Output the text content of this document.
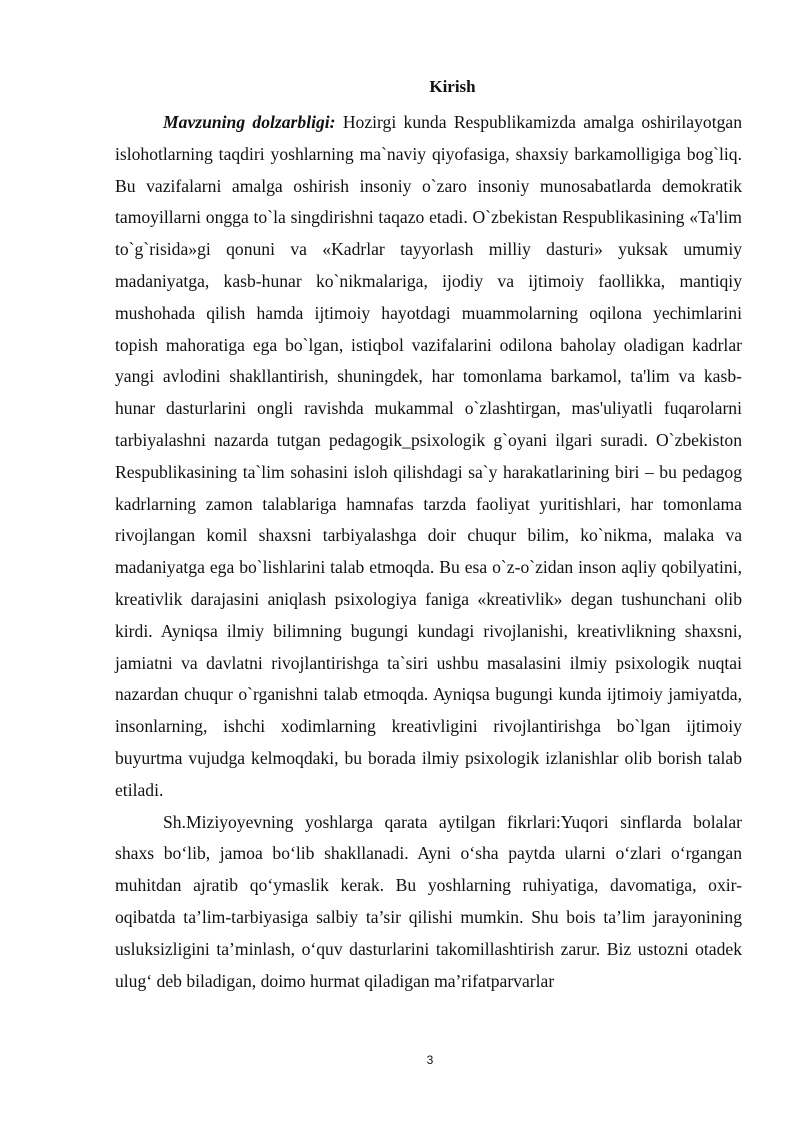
Kirish

Mavzuning dolzarbligi: Hozirgi kunda Respublikamizda amalga oshirilayotgan islohotlarning taqdiri yoshlarning ma`naviy qiyofasiga, shaxsiy barkamolligiga bog`liq. Bu vazifalarni amalga oshirish insoniy o`zaro insoniy munosabatlarda demokratik tamoyillarni ongga to`la singdirishni taqazo etadi. O`zbekistan Respublikasining «Ta'lim to`g`risida»gi qonuni va «Kadrlar tayyorlash milliy dasturi» yuksak umumiy madaniyatga, kasb-hunar ko`nikmalariga, ijodiy va ijtimoiy faollikka, mantiqiy mushohada qilish hamda ijtimoiy hayotdagi muammolarning oqilona yechimlarini topish mahoratiga ega bo`lgan, istiqbol vazifalarini odilona baholay oladigan kadrlar yangi avlodini shakllantirish, shuningdek, har tomonlama barkamol, ta'lim va kasb-hunar dasturlarini ongli ravishda mukammal o`zlashtirgan, mas'uliyatli fuqarolarni tarbiyalashni nazarda tutgan pedagogik_psixologik g`oyani ilgari suradi. O`zbekiston Respublikasining ta`lim sohasini isloh qilishdagi sa`y harakatlarining biri – bu pedagog kadrlarning zamon talablariga hamnafas tarzda faoliyat yuritishlari, har tomonlama rivojlangan komil shaxsni tarbiyalashga doir chuqur bilim, ko`nikma, malaka va madaniyatga ega bo`lishlarini talab etmoqda. Bu esa o`z-o`zidan inson aqliy qobilyatini, kreativlik darajasini aniqlash psixologiya faniga «kreativlik» degan tushunchani olib kirdi. Ayniqsa ilmiy bilimning bugungi kundagi rivojlanishi, kreativlikning shaxsni, jamiatni va davlatni rivojlantirishga ta`siri ushbu masalasini ilmiy psixologik nuqtai nazardan chuqur o`rganishni talab etmoqda. Ayniqsa bugungi kunda ijtimoiy jamiyatda, insonlarning, ishchi xodimlarning kreativligini rivojlantirishga bo`lgan ijtimoiy buyurtma vujudga kelmoqdaki, bu borada ilmiy psixologik izlanishlar olib borish talab etiladi.

Sh.Miziyoyevning yoshlarga qarata aytilgan fikrlari:Yuqori sinflarda bolalar shaxs bo‘lib, jamoa bo‘lib shakllanadi. Ayni o‘sha paytda ularni o‘zlari o‘rgangan muhitdan ajratib qo‘ymaslik kerak. Bu yoshlarning ruhiyatiga, davomatiga, oxir-oqibatda ta’lim-tarbiyasiga salbiy ta’sir qilishi mumkin. Shu bois ta’lim jarayonining usluksizligini ta’minlash, o‘quv dasturlarini takomillashtirish zarur. Biz ustozni otadek ulug‘ deb biladigan, doimo hurmat qiladigan ma’rifatparvarlar

3
